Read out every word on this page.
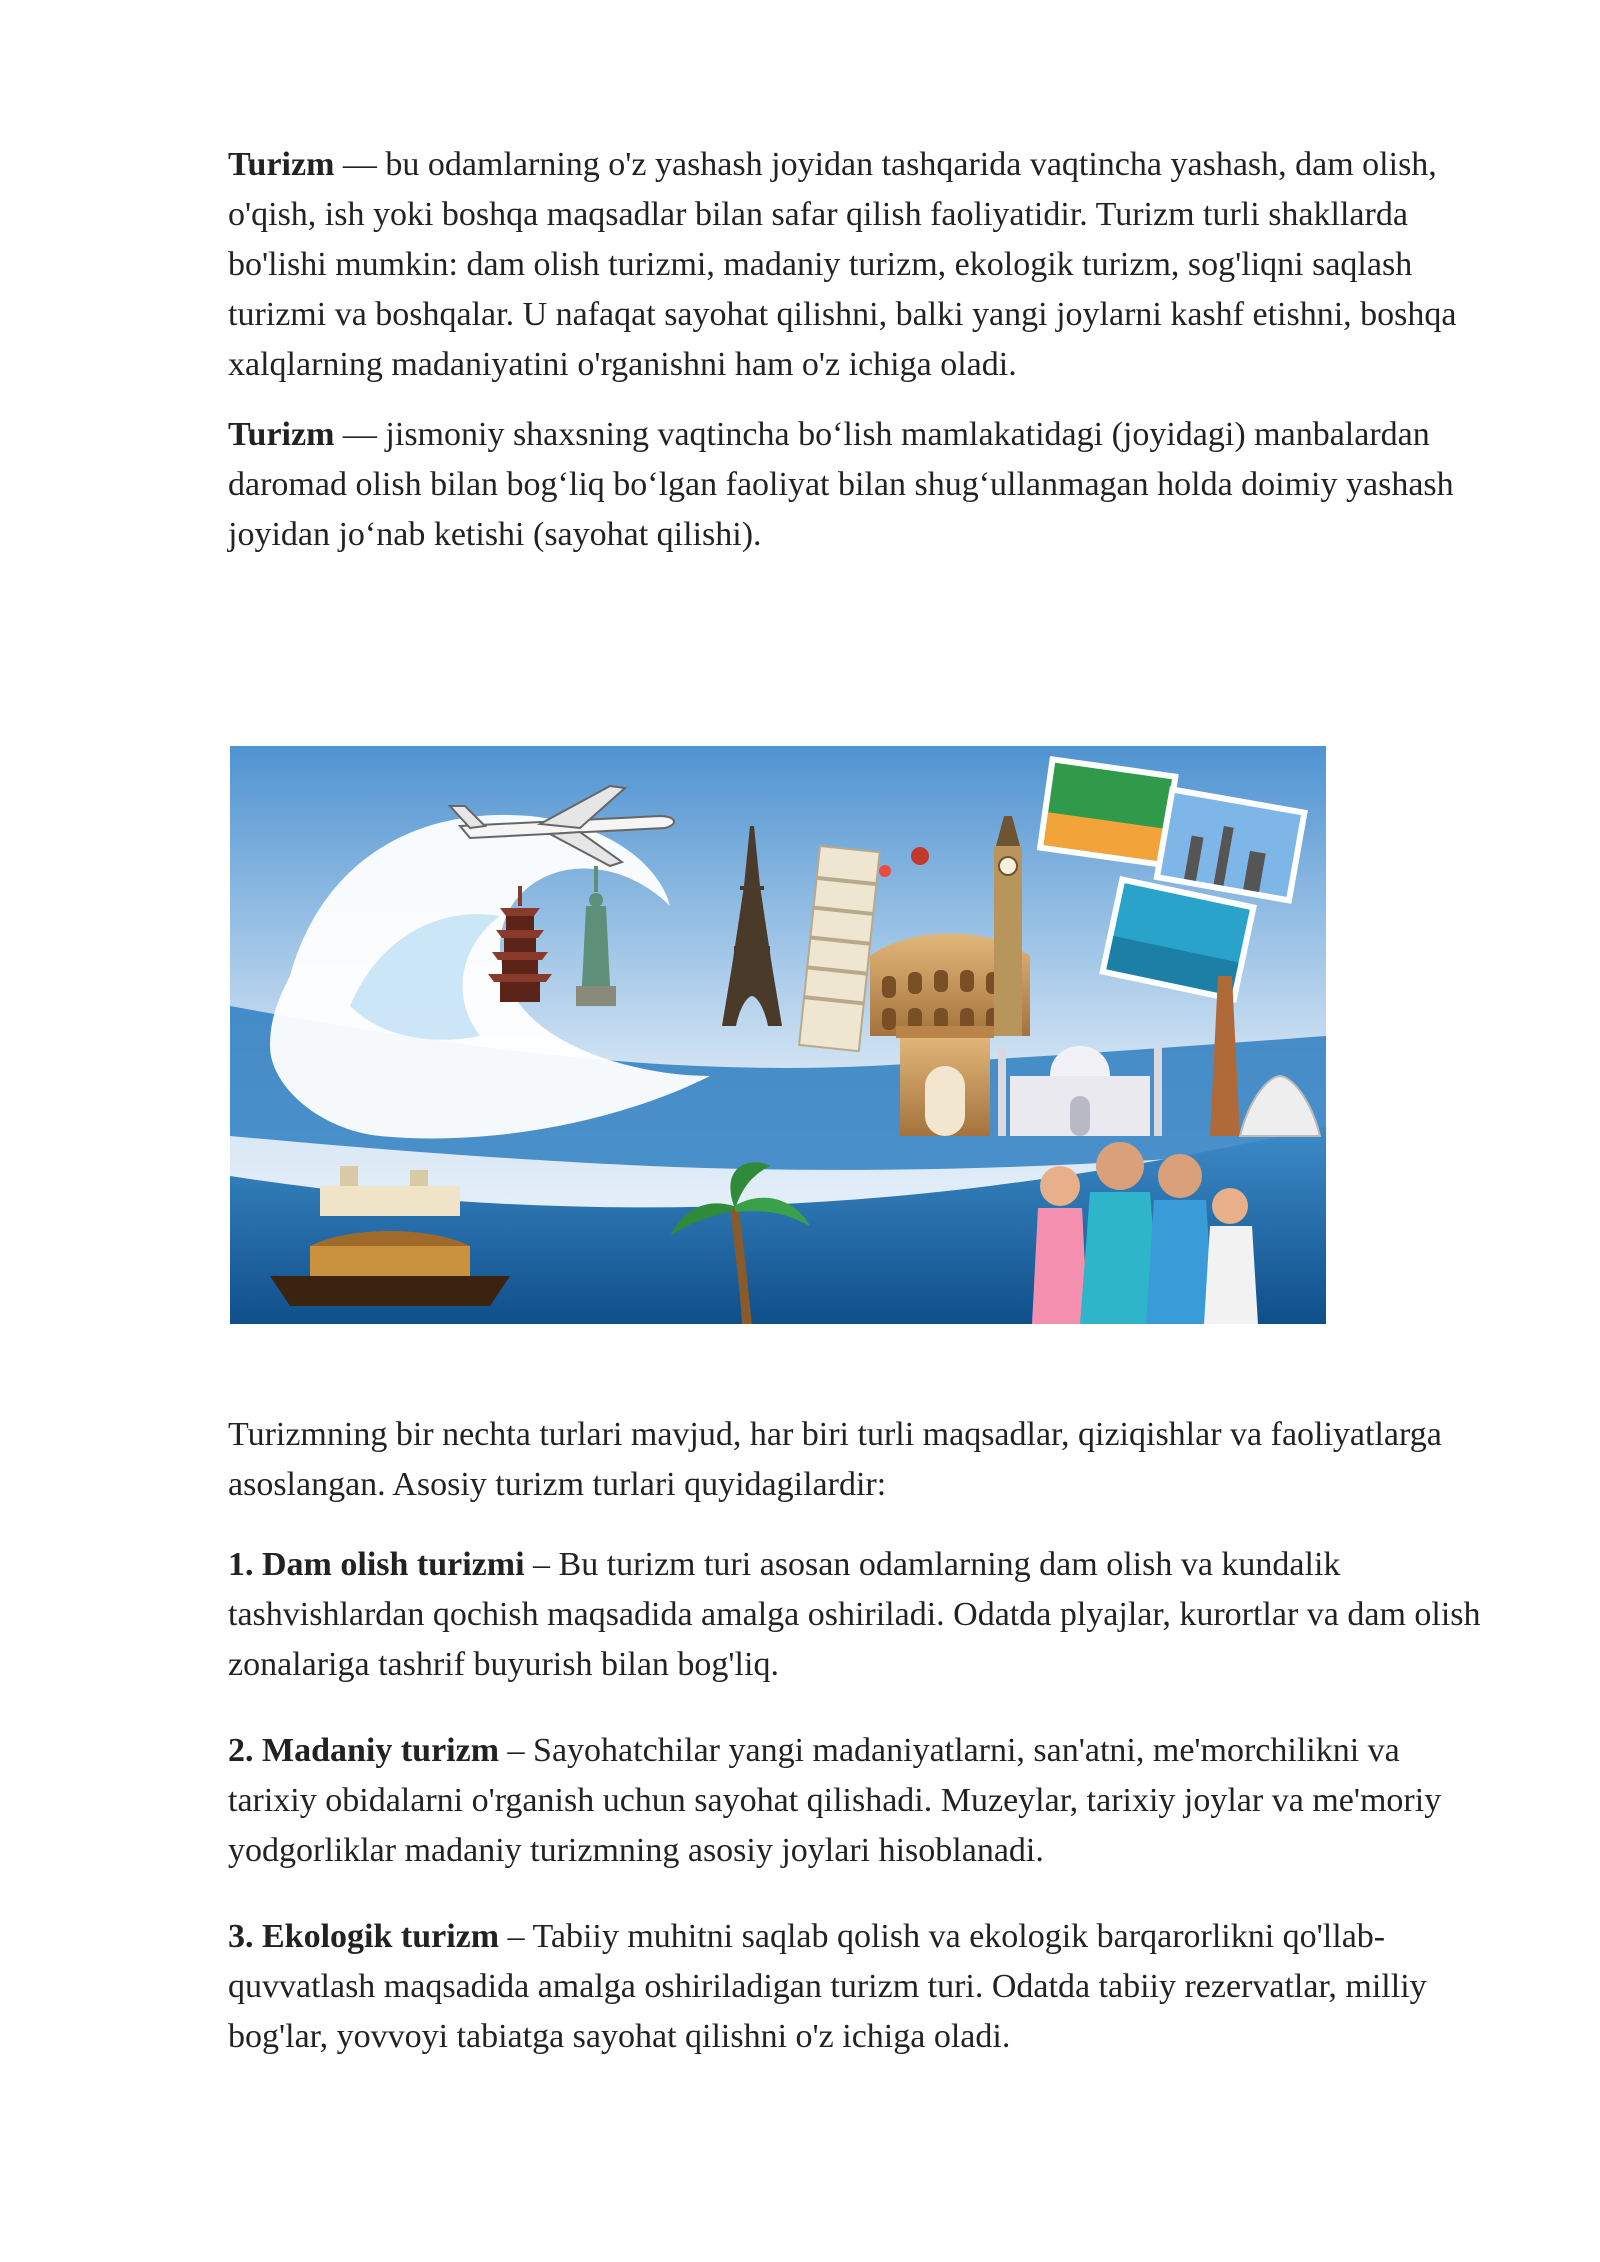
Turizm — bu odamlarning o'z yashash joyidan tashqarida vaqtincha yashash, dam olish, o'qish, ish yoki boshqa maqsadlar bilan safar qilish faoliyatidir. Turizm turli shakllarda bo'lishi mumkin: dam olish turizmi, madaniy turizm, ekologik turizm, sog'liqni saqlash turizmi va boshqalar. U nafaqat sayohat qilishni, balki yangi joylarni kashf etishni, boshqa xalqlarning madaniyatini o'rganishni ham o'z ichiga oladi.

Turizm — jismoniy shaxsning vaqtincha bo‘lish mamlakatidagi (joyidagi) manbalardan daromad olish bilan bog‘liq bo‘lgan faoliyat bilan shug‘ullanmagan holda doimiy yashash joyidan jo‘nab ketishi (sayohat qilishi).

Turizmning bir nechta turlari mavjud, har biri turli maqsadlar, qiziqishlar va faoliyatlarga asoslangan. Asosiy turizm turlari quyidagilardir:

1. Dam olish turizmi – Bu turizm turi asosan odamlarning dam olish va kundalik tashvishlardan qochish maqsadida amalga oshiriladi. Odatda plyajlar, kurortlar va dam olish zonalariga tashrif buyurish bilan bog'liq.

2. Madaniy turizm – Sayohatchilar yangi madaniyatlarni, san'atni, me'morchilikni va tarixiy obidalarni o'rganish uchun sayohat qilishadi. Muzeylar, tarixiy joylar va me'moriy yodgorliklar madaniy turizmning asosiy joylari hisoblanadi.

3. Ekologik turizm – Tabiiy muhitni saqlab qolish va ekologik barqarorlikni qo'llab-quvvatlash maqsadida amalga oshiriladigan turizm turi. Odatda tabiiy rezervatlar, milliy bog'lar, yovvoyi tabiatga sayohat qilishni o'z ichiga oladi.
